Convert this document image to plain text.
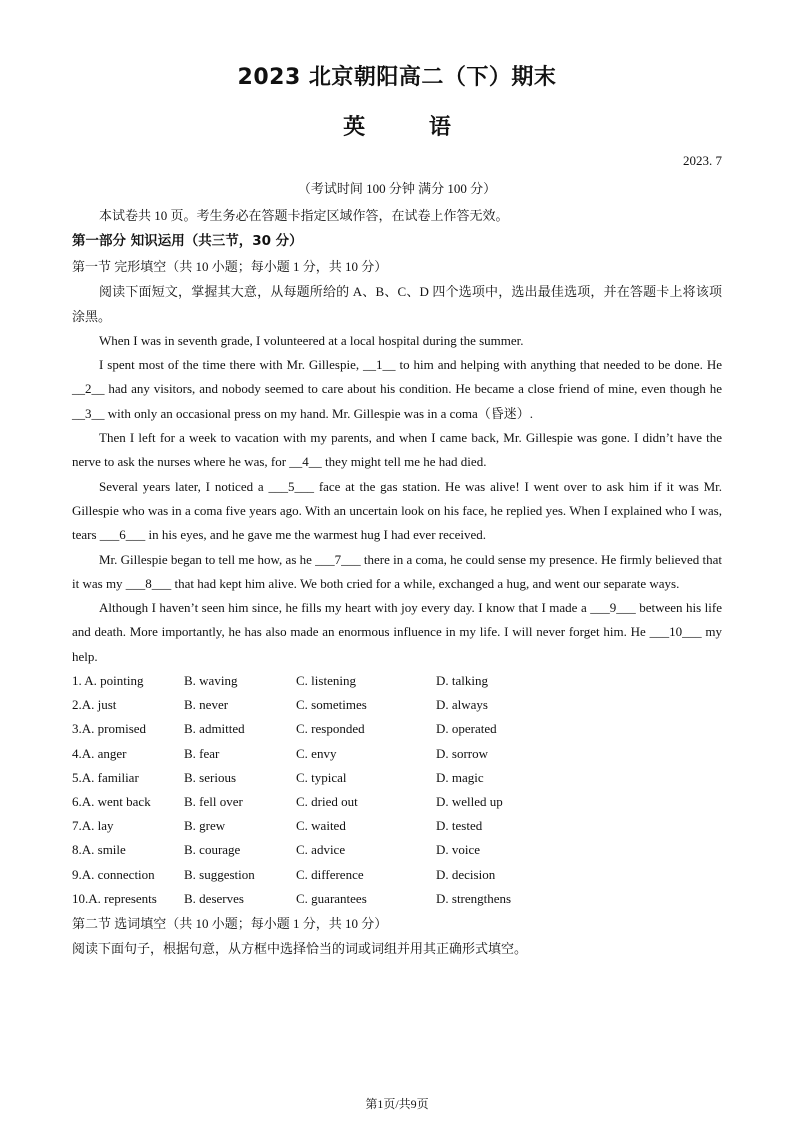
2023 北京朝阳高二（下）期末
英 语
2023. 7
（考试时间 100 分钟 满分 100 分）

本试卷共 10 页。考生务必在答题卡指定区域作答，在试卷上作答无效。

第一部分 知识运用（共三节，30 分）

第一节 完形填空（共 10 小题；每小题 1 分，共 10 分）

阅读下面短文，掌握其大意，从每题所给的 A、B、C、D 四个选项中，选出最佳选项，并在答题卡上将该项涂黑。

When I was in seventh grade, I volunteered at a local hospital during the summer.

I spent most of the time there with Mr. Gillespie, __1__ to him and helping with anything that needed to be done. He __2__ had any visitors, and nobody seemed to care about his condition. He became a close friend of mine, even though he __3__ with only an occasional press on my hand. Mr. Gillespie was in a coma（昏迷）.

Then I left for a week to vacation with my parents, and when I came back, Mr. Gillespie was gone. I didn’t have the nerve to ask the nurses where he was, for __4__ they might tell me he had died.

Several years later, I noticed a ___5___ face at the gas station. He was alive! I went over to ask him if it was Mr. Gillespie who was in a coma five years ago. With an uncertain look on his face, he replied yes. When I explained who I was, tears ___6___ in his eyes, and he gave me the warmest hug I had ever received.

Mr. Gillespie began to tell me how, as he ___7___ there in a coma, he could sense my presence. He firmly believed that it was my ___8___ that had kept him alive. We both cried for a while, exchanged a hug, and went our separate ways.

Although I haven’t seen him since, he fills my heart with joy every day. I know that I made a ___9___ between his life and death. More importantly, he has also made an enormous influence in my life. I will never forget him. He ___10___ my help.

1. A. pointing	B. waving	C. listening	D. talking
2.A. just	B. never	C. sometimes	D. always
3.A. promised	B. admitted	C. responded	D. operated
4.A. anger	B. fear	C. envy	D. sorrow
5.A. familiar	B. serious	C. typical	D. magic
6.A. went back	B. fell over	C. dried out	D. welled up
7.A. lay	B. grew	C. waited	D. tested
8.A. smile	B. courage	C. advice	D. voice
9.A. connection	B. suggestion	C. difference	D. decision
10.A. represents	B. deserves	C. guarantees	D. strengthens

第二节 选词填空（共 10 小题；每小题 1 分，共 10 分）

阅读下面句子，根据句意，从方框中选择恰当的词或词组并用其正确形式填空。

第1页/共9页
